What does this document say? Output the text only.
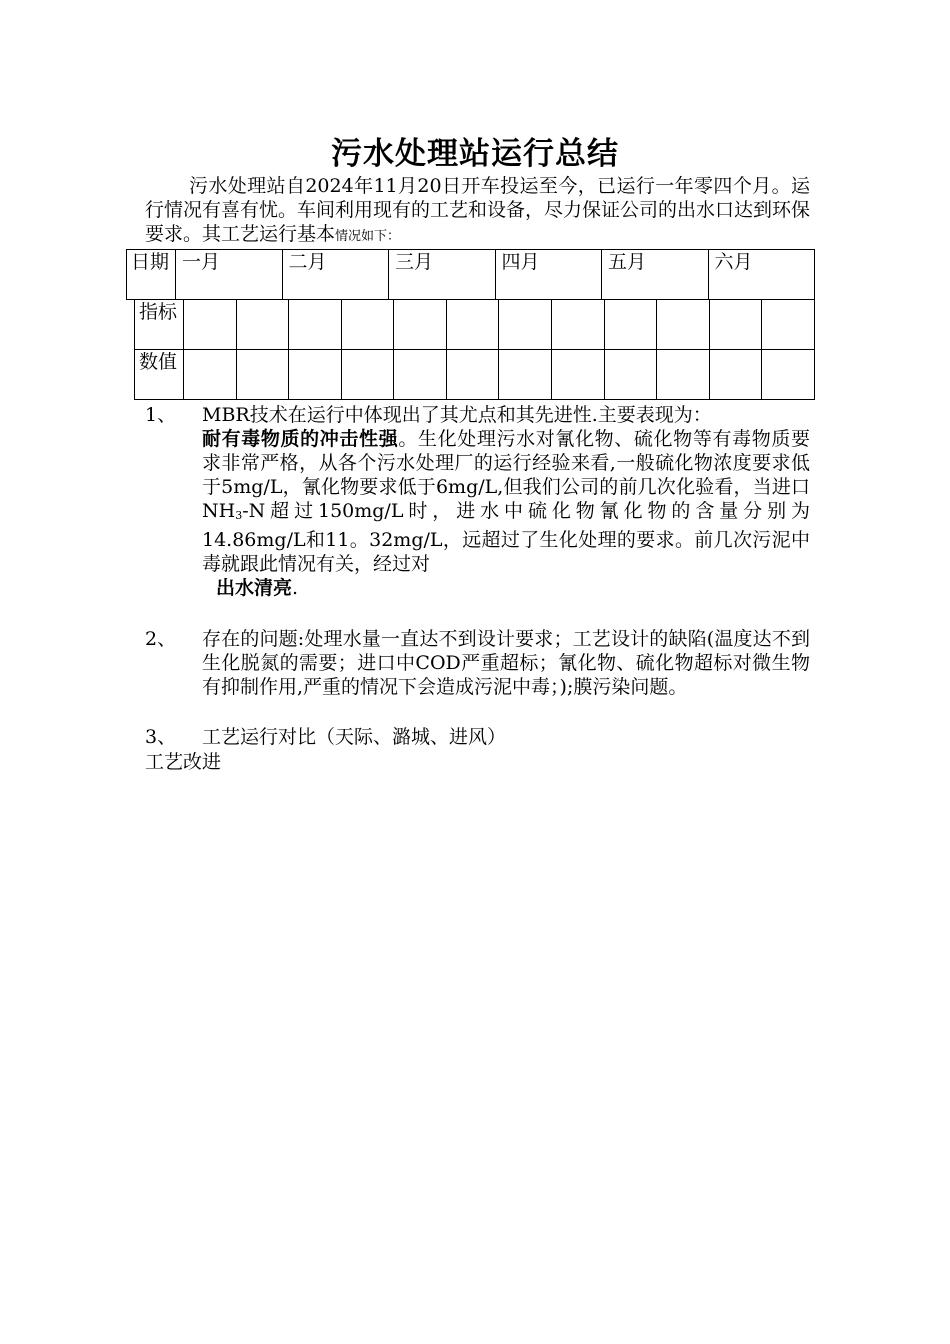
污水处理站运行总结
污水处理站自2024年11月20日开车投运至今，已运行一年零四个月。运行情况有喜有忧。车间利用现有的工艺和设备，尽力保证公司的出水口达到环保要求。其工艺运行基本情况如下：
日期	一月	二月	三月	四月	五月	六月
指标												
数值												
1、 MBR技术在运行中体现出了其尤点和其先进性.主要表现为：
耐有毒物质的冲击性强。生化处理污水对氰化物、硫化物等有毒物质要求非常严格，从各个污水处理厂的运行经验来看,一般硫化物浓度要求低于5mg/L，氰化物要求低于6mg/L,但我们公司的前几次化验看，当进口NH3-N超过150mg/L时，进水中硫化物氰化物的含量分别为14.86mg/L和11。32mg/L，远超过了生化处理的要求。前几次污泥中毒就跟此情况有关，经过对
出水清亮.
2、 存在的问题:处理水量一直达不到设计要求；工艺设计的缺陷(温度达不到生化脱氮的需要；进口中COD严重超标；氰化物、硫化物超标对微生物有抑制作用,严重的情况下会造成污泥中毒；);膜污染问题。
3、 工艺运行对比（天际、潞城、进风）
工艺改进
